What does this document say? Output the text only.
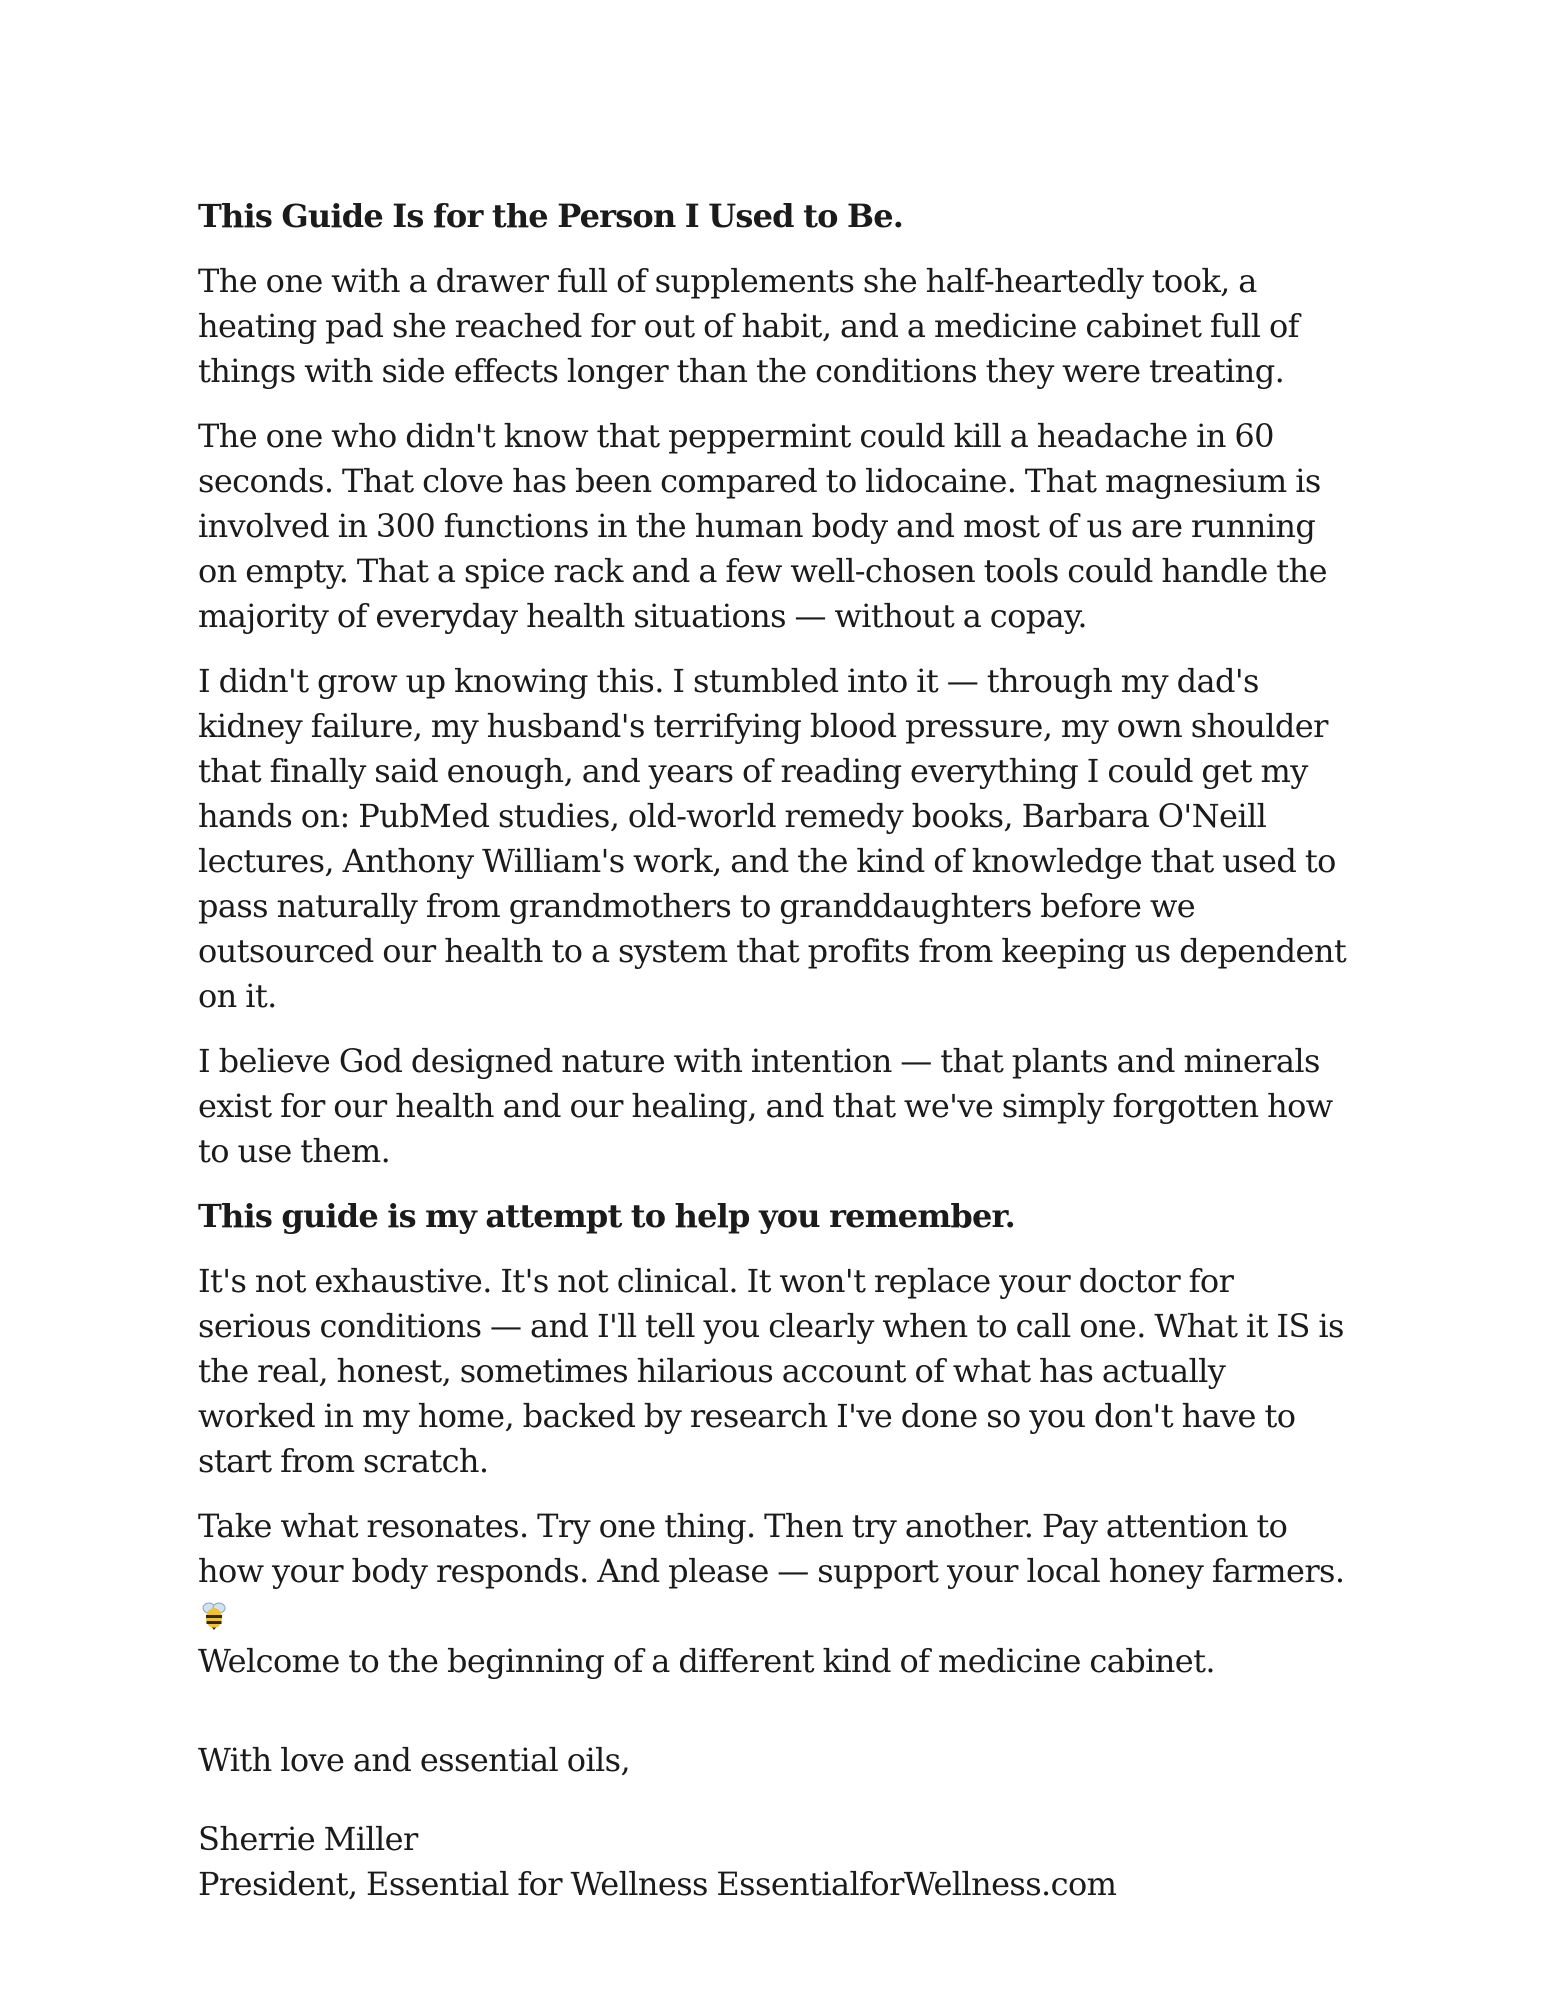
This Guide Is for the Person I Used to Be.

The one with a drawer full of supplements she half-heartedly took, a heating pad she reached for out of habit, and a medicine cabinet full of things with side effects longer than the conditions they were treating.

The one who didn't know that peppermint could kill a headache in 60 seconds. That clove has been compared to lidocaine. That magnesium is involved in 300 functions in the human body and most of us are running on empty. That a spice rack and a few well-chosen tools could handle the majority of everyday health situations — without a copay.

I didn't grow up knowing this. I stumbled into it — through my dad's kidney failure, my husband's terrifying blood pressure, my own shoulder that finally said enough, and years of reading everything I could get my hands on: PubMed studies, old-world remedy books, Barbara O'Neill lectures, Anthony William's work, and the kind of knowledge that used to pass naturally from grandmothers to granddaughters before we outsourced our health to a system that profits from keeping us dependent on it.

I believe God designed nature with intention — that plants and minerals exist for our health and our healing, and that we've simply forgotten how to use them.

This guide is my attempt to help you remember.

It's not exhaustive. It's not clinical. It won't replace your doctor for serious conditions — and I'll tell you clearly when to call one. What it IS is the real, honest, sometimes hilarious account of what has actually worked in my home, backed by research I've done so you don't have to start from scratch.

Take what resonates. Try one thing. Then try another. Pay attention to how your body responds. And please — support your local honey farmers.
Welcome to the beginning of a different kind of medicine cabinet.

With love and essential oils,

Sherrie Miller
President, Essential for Wellness EssentialforWellness.com
